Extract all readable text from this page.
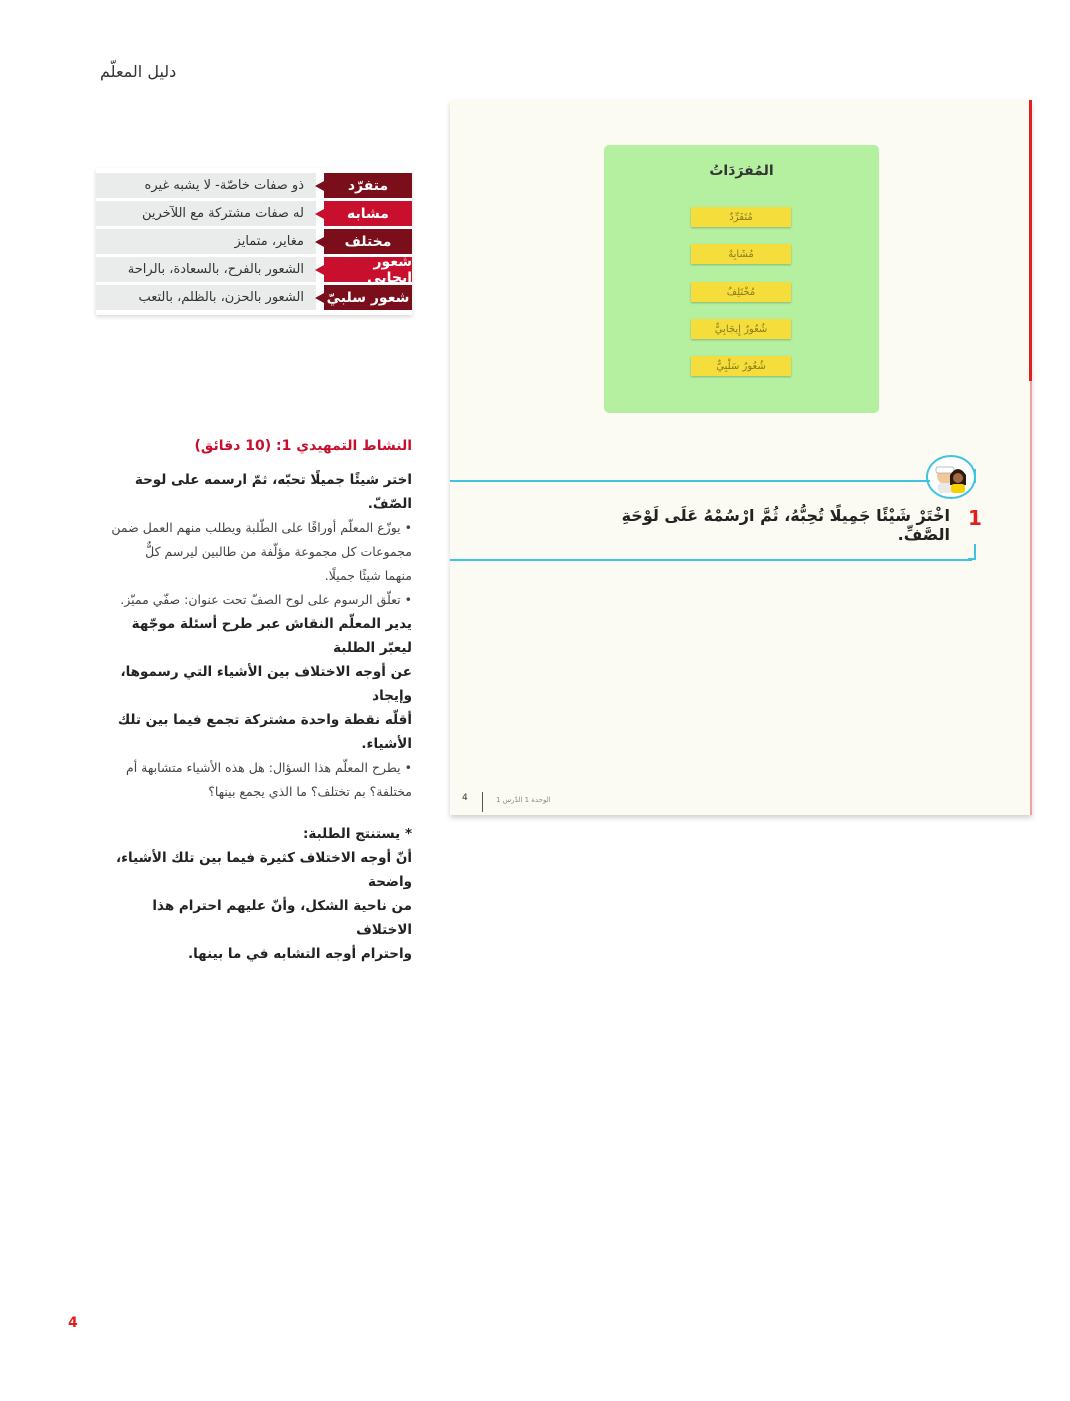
دليل المعلّم
متفرّد
ذو صفات خاصّة- لا يشبه غيره
مشابه
له صفات مشتركة مع اللآخرين
مختلف
مغاير، متمايز
شعور إيجابي
الشعور بالفرح، بالسعادة، بالراحة
شعور سلبيّ
الشعور بالحزن، بالظلم، بالتعب
النشاط التمهيدي 1: (10 دقائق)
اختر شيئًا جميلًا تحبّه، ثمّ ارسمه على لوحة الصّفّ.
• يوزّع المعلّم أوراقًا على الطّلبة ويطلب منهم العمل ضمن
مجموعات كل مجموعة مؤلّفة من طالبين ليرسم كلٌّ
منهما شيئًا جميلًا.
• تعلّق الرسوم على لوح الصفّ تحت عنوان: صفّي مميّز.
يدير المعلّم النقاش عبر طرح أسئلة موجّهة ليعبّر الطلبة
عن أوجه الاختلاف بين الأشياء التي رسموها، وإيجاد
أقلّه نقطة واحدة مشتركة تجمع فيما بين تلك الأشياء.
• يطرح المعلّم هذا السؤال: هل هذه الأشياء متشابهة أم
مختلفة؟ بم تختلف؟ ما الذي يجمع بينها؟
* يستنتج الطلبة:
أنّ أوجه الاختلاف كثيرة فيما بين تلك الأشياء، واضحة
من ناحية الشكل، وأنّ عليهم احترام هذا الاختلاف
واحترام أوجه التشابه في ما بينها.
المُفرَدَاتُ
مُتَفَرِّدٌ
مُشَابِهٌ
مُخْتَلِفٌ
شُعُورٌ إِيجَابِيٌّ
شُعُورٌ سَلْبِيٌّ
1
اخْتَرْ شَيْئًا جَمِيلًا تُحِبُّهُ، ثُمَّ ارْسُمْهُ عَلَى لَوْحَةِ الصَّفِّ.
4	الوحدة 1 الدّرس 1
4
